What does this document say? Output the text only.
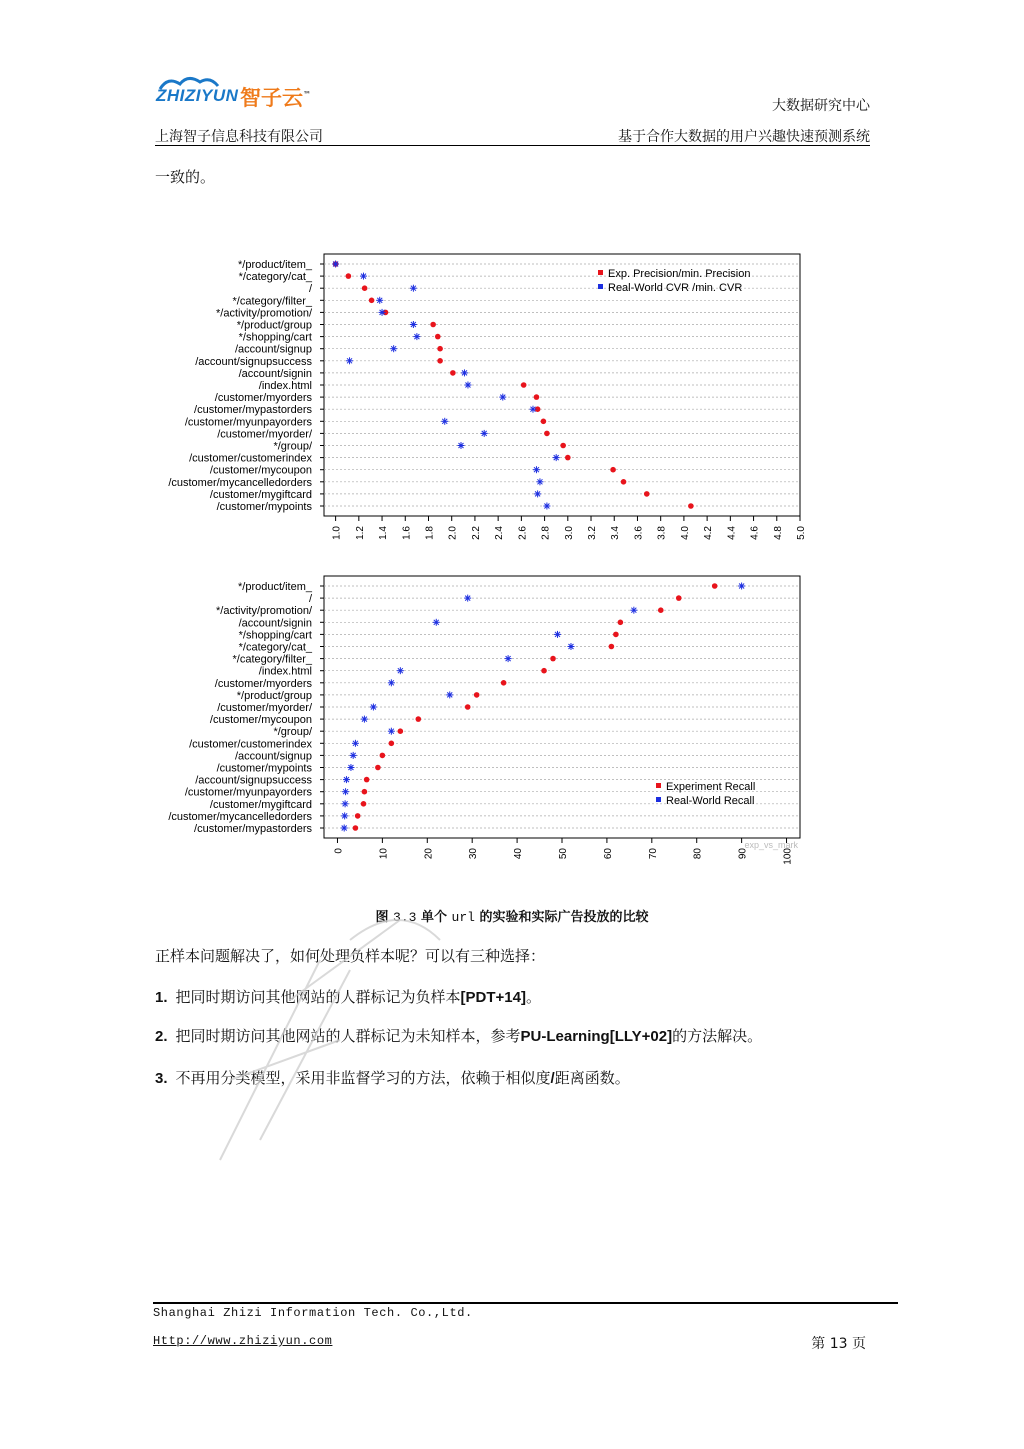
ZHIZIYUN 智子云™
大数据研究中心
上海智子信息科技有限公司	基于合作大数据的用户兴趣快速预测系统
一致的。
*/product/item_
*/category/cat_
/
*/category/filter_
*/activity/promotion/
*/product/group
*/shopping/cart
/account/signup
/account/signupsuccess
/account/signin
/index.html
/customer/myorders
/customer/mypastorders
/customer/myunpayorders
/customer/myorder/
*/group/
/customer/customerindex
/customer/mycoupon
/customer/mycancelledorders
/customer/mygiftcard
/customer/mypoints
1.0 1.2 1.4 1.6 1.8 2.0 2.2 2.4 2.6 2.8 3.0 3.2 3.4 3.6 3.8 4.0 4.2 4.4 4.6 4.8 5.0
Exp. Precision/min. Precision
Real-World CVR /min. CVR
*/product/item_
/
*/activity/promotion/
/account/signin
*/shopping/cart
*/category/cat_
*/category/filter_
/index.html
/customer/myorders
*/product/group
/customer/myorder/
/customer/mycoupon
*/group/
/customer/customerindex
/account/signup
/customer/mypoints
/account/signupsuccess
/customer/myunpayorders
/customer/mygiftcard
/customer/mycancelledorders
/customer/mypastorders
0	10	20	30	40	50	60	70	80	90	100
Experiment Recall
Real-World Recall
exp_vs_mark
图 3.3 单个 url 的实验和实际广告投放的比较
正样本问题解决了，如何处理负样本呢？可以有三种选择：
1. 把同时期访问其他网站的人群标记为负样本[PDT+14]。
2. 把同时期访问其他网站的人群标记为未知样本，参考PU-Learning[LLY+02]的方法解决。
3. 不再用分类模型，采用非监督学习的方法，依赖于相似度/距离函数。
Shanghai Zhizi Information Tech. Co.,Ltd.
Http://www.zhiziyun.com	第 13 页
